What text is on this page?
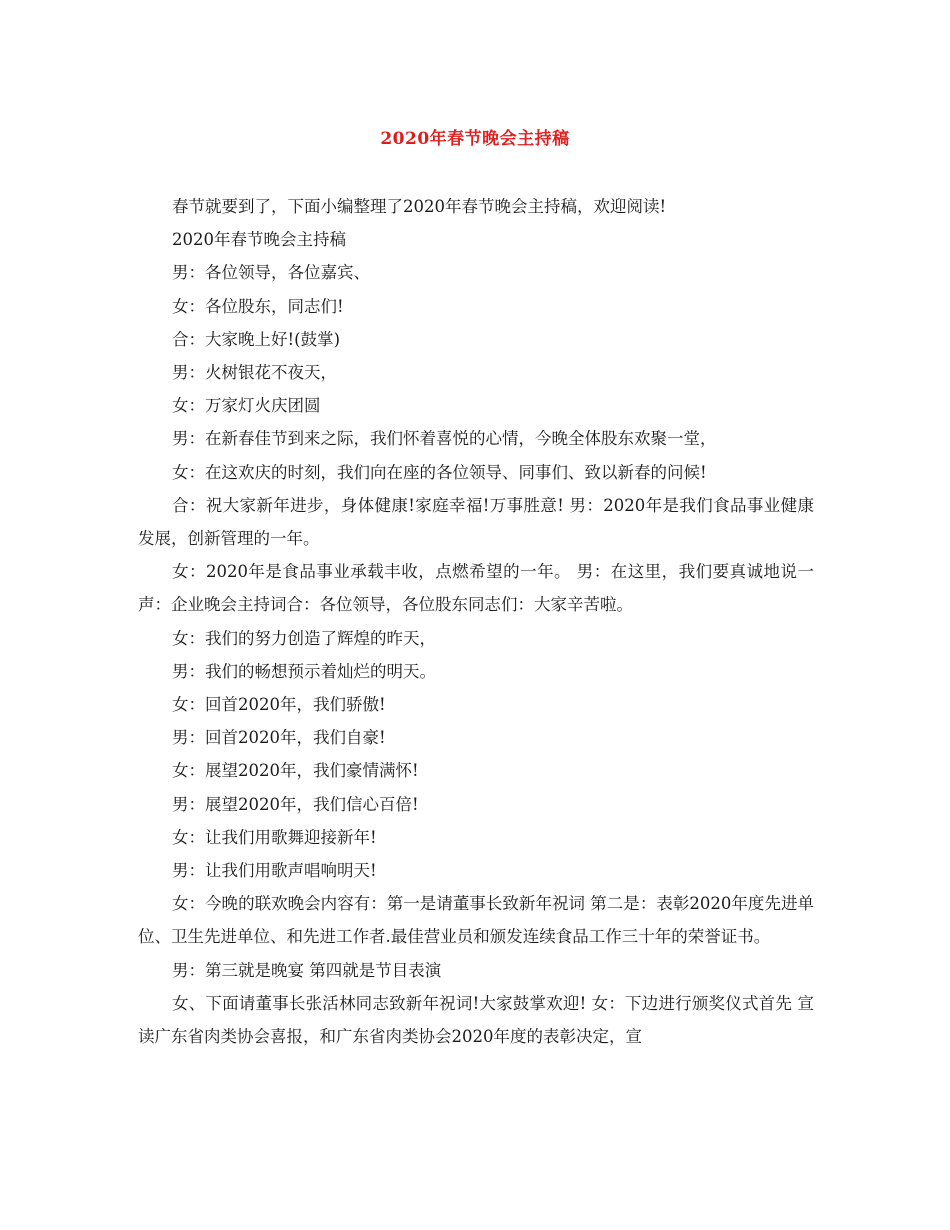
2020年春节晚会主持稿

春节就要到了，下面小编整理了2020年春节晚会主持稿，欢迎阅读!

2020年春节晚会主持稿

男：各位领导，各位嘉宾、

女：各位股东，同志们!

合：大家晚上好!(鼓掌)

男：火树银花不夜天，

女：万家灯火庆团圆

男：在新春佳节到来之际，我们怀着喜悦的心情，今晚全体股东欢聚一堂，

女：在这欢庆的时刻，我们向在座的各位领导、同事们、致以新春的问候!

合：祝大家新年进步，身体健康!家庭幸福!万事胜意! 男：2020年是我们食品事业健康发展，创新管理的一年。

女：2020年是食品事业承载丰收，点燃希望的一年。 男：在这里，我们要真诚地说一声：企业晚会主持词合：各位领导，各位股东同志们：大家辛苦啦。

女：我们的努力创造了辉煌的昨天，

男：我们的畅想预示着灿烂的明天。

女：回首2020年，我们骄傲!

男：回首2020年，我们自豪!

女：展望2020年，我们豪情满怀!

男：展望2020年，我们信心百倍!

女：让我们用歌舞迎接新年!

男：让我们用歌声唱响明天!

女：今晚的联欢晚会内容有：第一是请董事长致新年祝词 第二是：表彰2020年度先进单位、卫生先进单位、和先进工作者.最佳营业员和颁发连续食品工作三十年的荣誉证书。

男：第三就是晚宴 第四就是节目表演

女、下面请董事长张活林同志致新年祝词!大家鼓掌欢迎! 女：下边进行颁奖仪式首先 宣读广东省肉类协会喜报，和广东省肉类协会2020年度的表彰决定，宣
